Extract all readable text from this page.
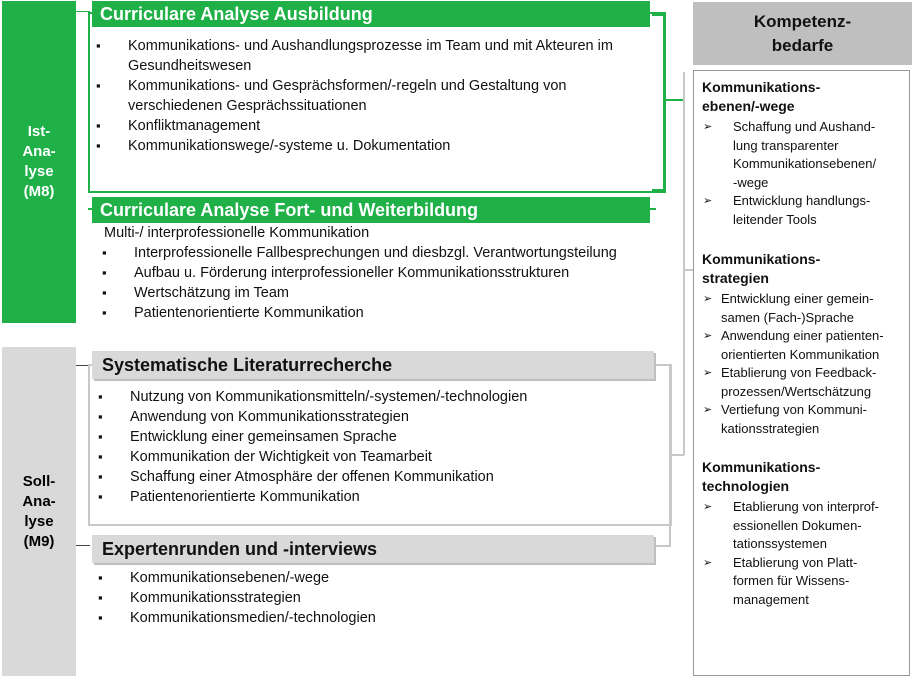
Ist-
Ana-
lyse
(M8)
Soll-
Ana-
lyse
(M9)
Curriculare Analyse Ausbildung
Curriculare Analyse Fort- und Weiterbildung
Systematische Literaturrecherche
Expertenrunden und -interviews
▪ Kommunikations- und Aushandlungsprozesse im Team und mit Akteuren im Gesundheitswesen
▪ Kommunikations- und Gesprächsformen/-regeln und Gestaltung von verschiedenen Gesprächssituationen
▪ Konfliktmanagement
▪ Kommunikationswege/-systeme u. Dokumentation
Multi-/ interprofessionelle Kommunikation
▪ Interprofessionelle Fallbesprechungen und diesbzgl. Verantwortungsteilung
▪ Aufbau u. Förderung interprofessioneller Kommunikationsstrukturen
▪ Wertschätzung im Team
▪ Patientenorientierte Kommunikation
▪ Nutzung von Kommunikationsmitteln/-systemen/-technologien
▪ Anwendung von Kommunikationsstrategien
▪ Entwicklung einer gemeinsamen Sprache
▪ Kommunikation der Wichtigkeit von Teamarbeit
▪ Schaffung einer Atmosphäre der offenen Kommunikation
▪ Patientenorientierte Kommunikation
▪ Kommunikationsebenen/-wege
▪ Kommunikationsstrategien
▪ Kommunikationsmedien/-technologien
Kompetenz-
bedarfe
Kommunikations-
ebenen/-wege
➢ Schaffung und Aushand-
lung transparenter
Kommunikationsebenen/
-wege
➢ Entwicklung handlungs-
leitender Tools
Kommunikations-
strategien
➢ Entwicklung einer gemein-
samen (Fach-)Sprache
➢ Anwendung einer patienten-
orientierten Kommunikation
➢ Etablierung von Feedback-
prozessen/Wertschätzung
➢ Vertiefung von Kommuni-
kationsstrategien
Kommunikations-
technologien
➢ Etablierung von interprof-
essionellen Dokumen-
tationssystemen
➢ Etablierung von Platt-
formen für Wissens-
management
